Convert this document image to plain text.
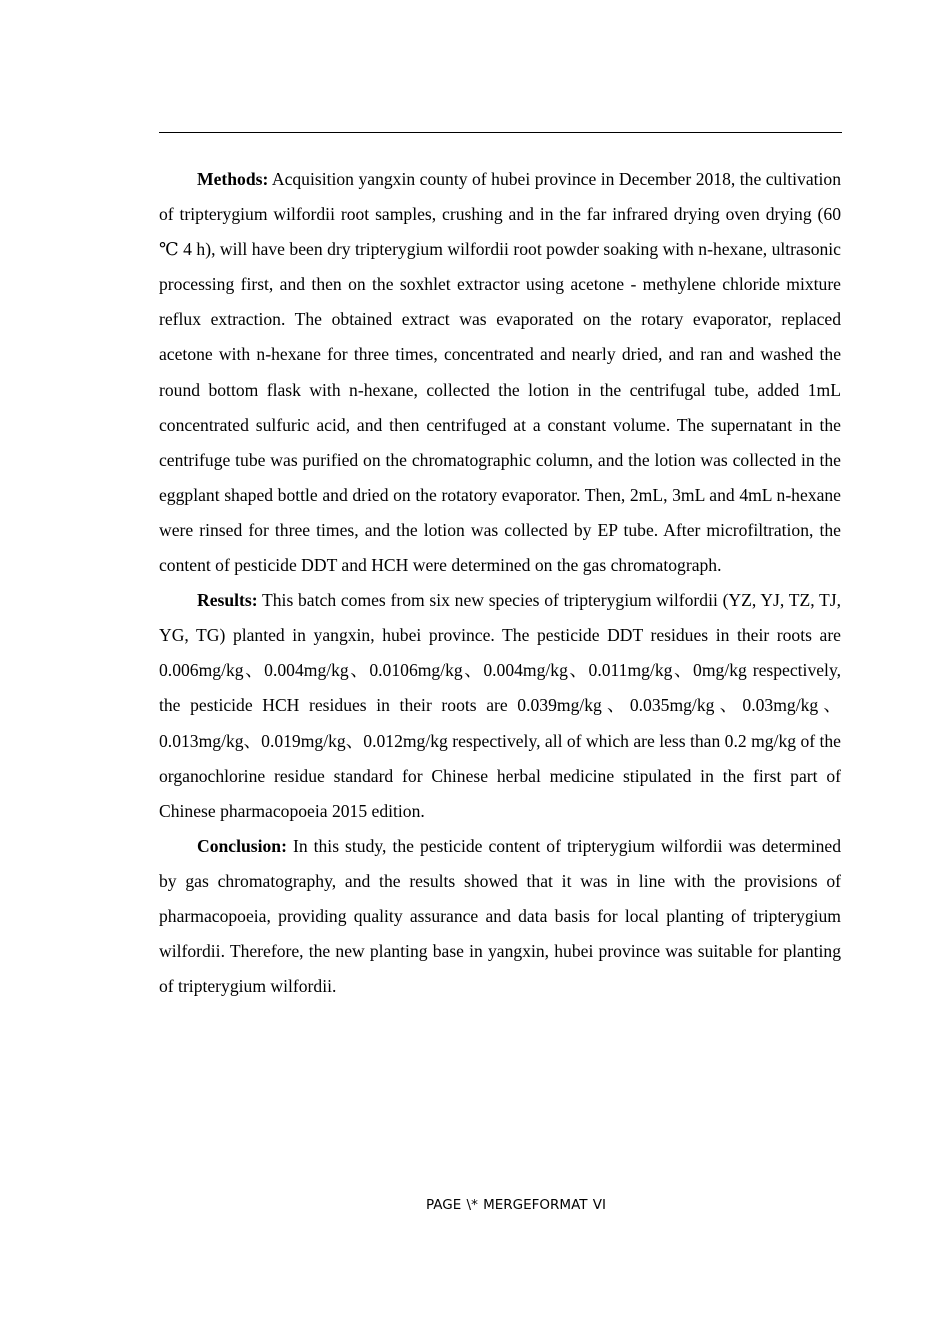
Methods: Acquisition yangxin county of hubei province in December 2018, the cultivation of tripterygium wilfordii root samples, crushing and in the far infrared drying oven drying (60 ℃ 4 h), will have been dry tripterygium wilfordii root powder soaking with n-hexane, ultrasonic processing first, and then on the soxhlet extractor using acetone - methylene chloride mixture reflux extraction. The obtained extract was evaporated on the rotary evaporator, replaced acetone with n-hexane for three times, concentrated and nearly dried, and ran and washed the round bottom flask with n-hexane, collected the lotion in the centrifugal tube, added 1mL concentrated sulfuric acid, and then centrifuged at a constant volume. The supernatant in the centrifuge tube was purified on the chromatographic column, and the lotion was collected in the eggplant shaped bottle and dried on the rotatory evaporator. Then, 2mL, 3mL and 4mL n-hexane were rinsed for three times, and the lotion was collected by EP tube. After microfiltration, the content of pesticide DDT and HCH were determined on the gas chromatograph.

Results: This batch comes from six new species of tripterygium wilfordii (YZ, YJ, TZ, TJ, YG, TG) planted in yangxin, hubei province. The pesticide DDT residues in their roots are 0.006mg/kg、0.004mg/kg、0.0106mg/kg、0.004mg/kg、0.011mg/kg、0mg/kg respectively, the pesticide HCH residues in their roots are 0.039mg/kg、0.035mg/kg、0.03mg/kg、0.013mg/kg、0.019mg/kg、0.012mg/kg respectively, all of which are less than 0.2 mg/kg of the organochlorine residue standard for Chinese herbal medicine stipulated in the first part of Chinese pharmacopoeia 2015 edition.

Conclusion: In this study, the pesticide content of tripterygium wilfordii was determined by gas chromatography, and the results showed that it was in line with the provisions of pharmacopoeia, providing quality assurance and data basis for local planting of tripterygium wilfordii. Therefore, the new planting base in yangxin, hubei province was suitable for planting of tripterygium wilfordii.

PAGE \* MERGEFORMAT VI
